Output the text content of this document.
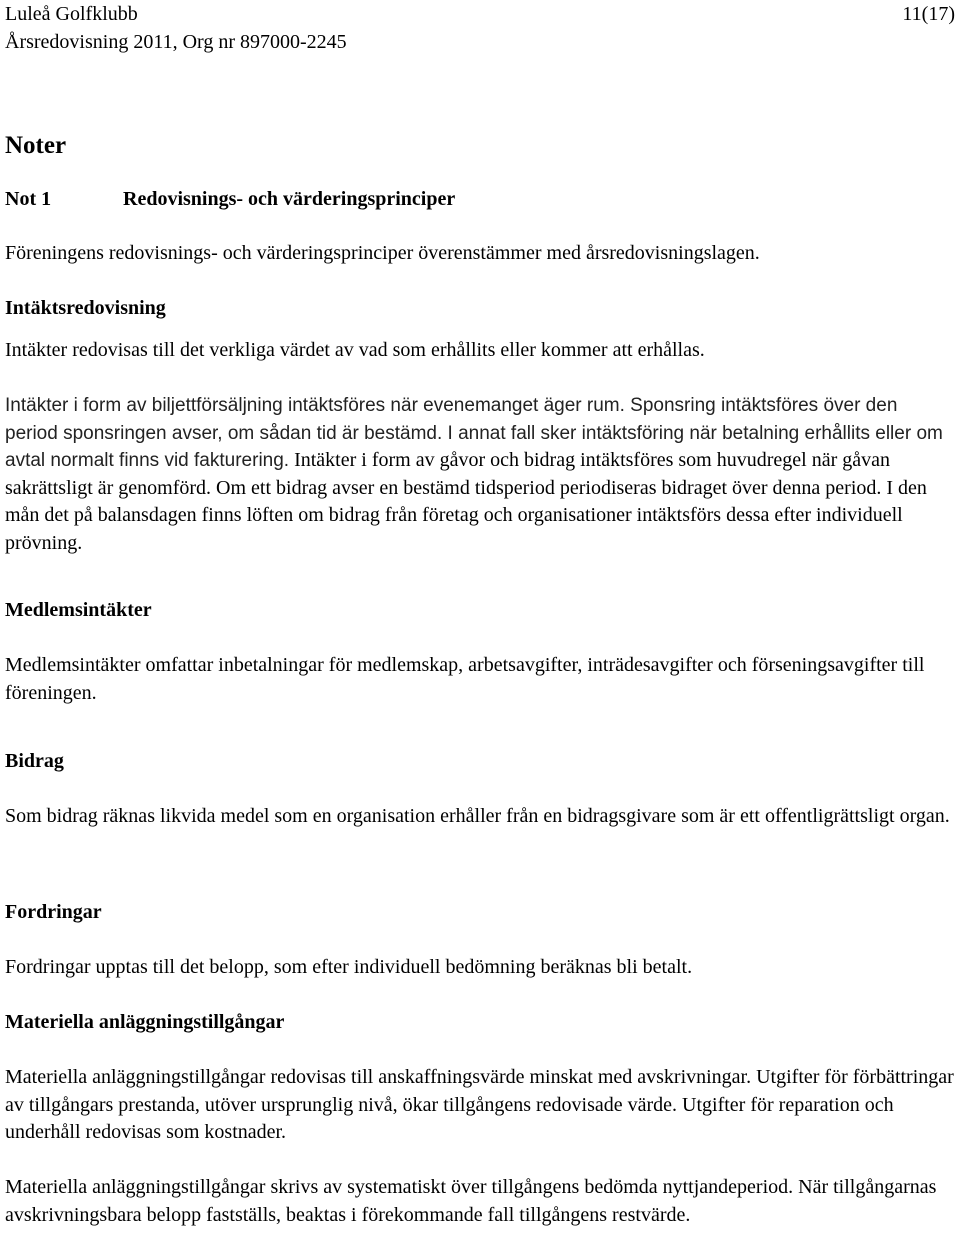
Luleå Golfklubb	11(17)
Årsredovisning 2011, Org nr 897000-2245
Noter
Not 1	Redovisnings- och värderingsprinciper
Föreningens redovisnings- och värderingsprinciper överenstämmer med årsredovisningslagen.
Intäktsredovisning
Intäkter redovisas till det verkliga värdet av vad som erhållits eller kommer att erhållas.
Intäkter i form av biljettförsäljning intäktsföres när evenemanget äger rum. Sponsring intäktsföres över den period sponsringen avser, om sådan tid är bestämd. I annat fall sker intäktsföring när betalning erhållits eller om avtal normalt finns vid fakturering. Intäkter i form av gåvor och bidrag intäktsföres som huvudregel när gåvan sakrättsligt är genomförd. Om ett bidrag avser en bestämd tidsperiod periodiseras bidraget över denna period. I den mån det på balansdagen finns löften om bidrag från företag och organisationer intäktsförs dessa efter individuell prövning.
Medlemsintäkter
Medlemsintäkter omfattar inbetalningar för medlemskap, arbetsavgifter, inträdesavgifter och förseningsavgifter till föreningen.
Bidrag
Som bidrag räknas likvida medel som en organisation erhåller från en bidragsgivare som är ett offentligrättsligt organ.
Fordringar
Fordringar upptas till det belopp, som efter individuell bedömning beräknas bli betalt.
Materiella anläggningstillgångar
Materiella anläggningstillgångar redovisas till anskaffningsvärde minskat med avskrivningar. Utgifter för förbättringar av tillgångars prestanda, utöver ursprunglig nivå, ökar tillgångens redovisade värde. Utgifter för reparation och underhåll redovisas som kostnader.
Materiella anläggningstillgångar skrivs av systematiskt över tillgångens bedömda nyttjandeperiod. När tillgångarnas avskrivningsbara belopp fastställs, beaktas i förekommande fall tillgångens restvärde.
